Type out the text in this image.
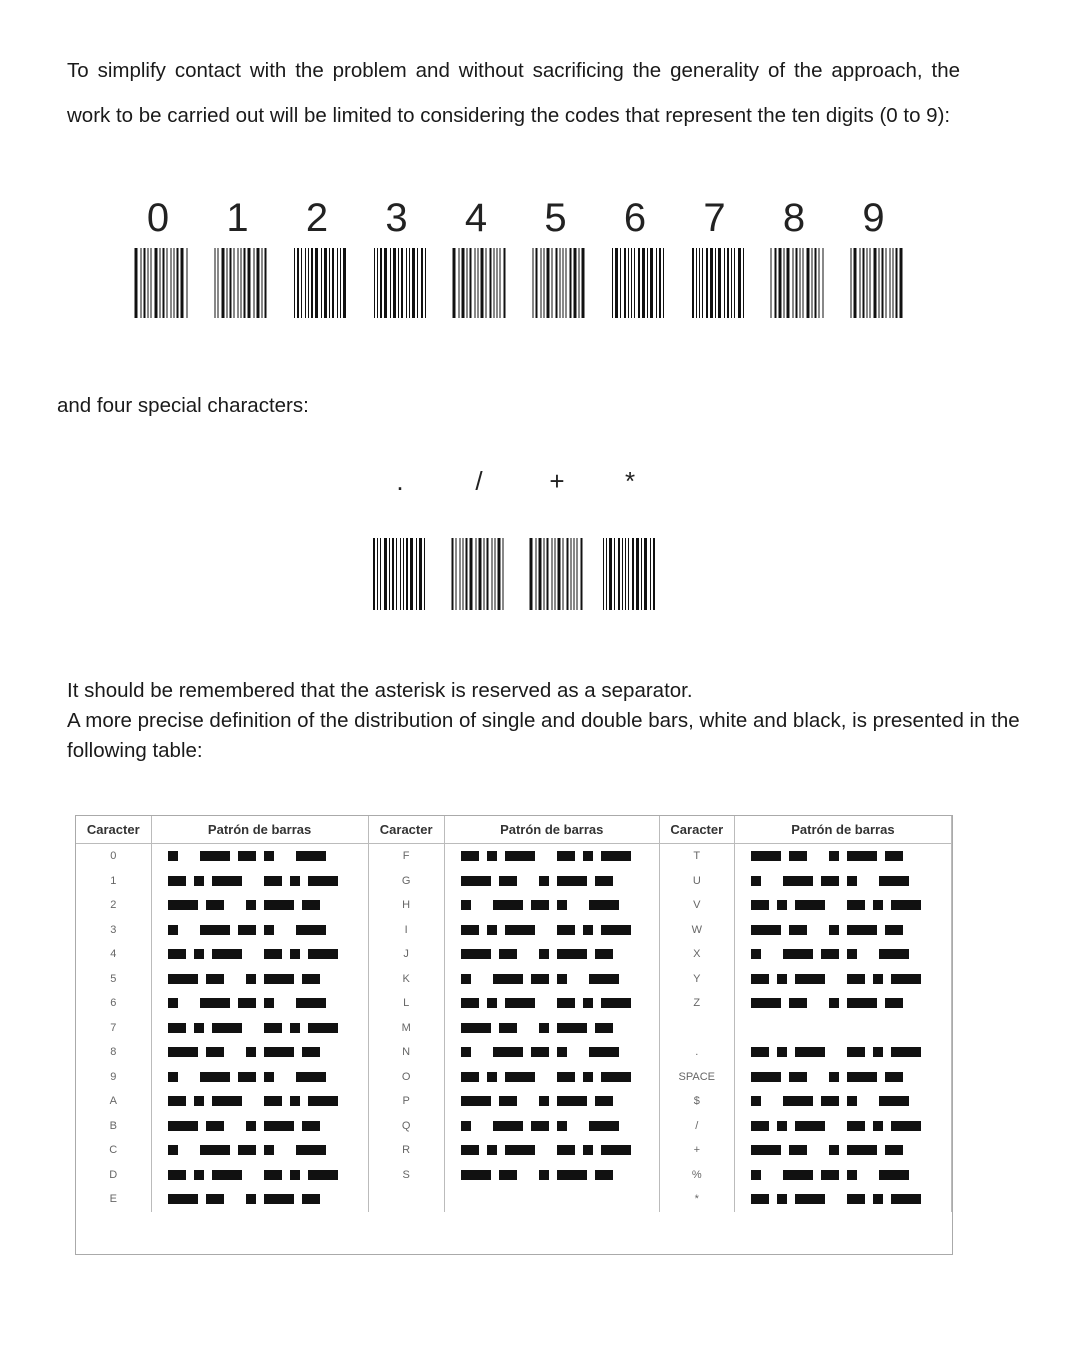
To simplify contact with the problem and without sacrificing the generality of the approach, the work to be carried out will be limited to considering the codes that represent the ten digits (0 to 9):

0 1 2 3 4 5 6 7 8 9

and four special characters:

.	/	+ *
It should be remembered that the asterisk is reserved as a separator.
A more precise definition of the distribution of single and double bars, white and black, is presented in the following table:
Caracter	Patrón de barras	Caracter	Patrón de barras	Caracter	Patrón de barras
0		F		T	
1		G		U	
2		H		V	
3		I		W	
4		J		X	
5		K		Y	
6		L		Z	
7		M			
8		N		.	
9		O		SPACE	
A		P		$	
B		Q		/	
C		R		+	
D		S		%	
E				*	
